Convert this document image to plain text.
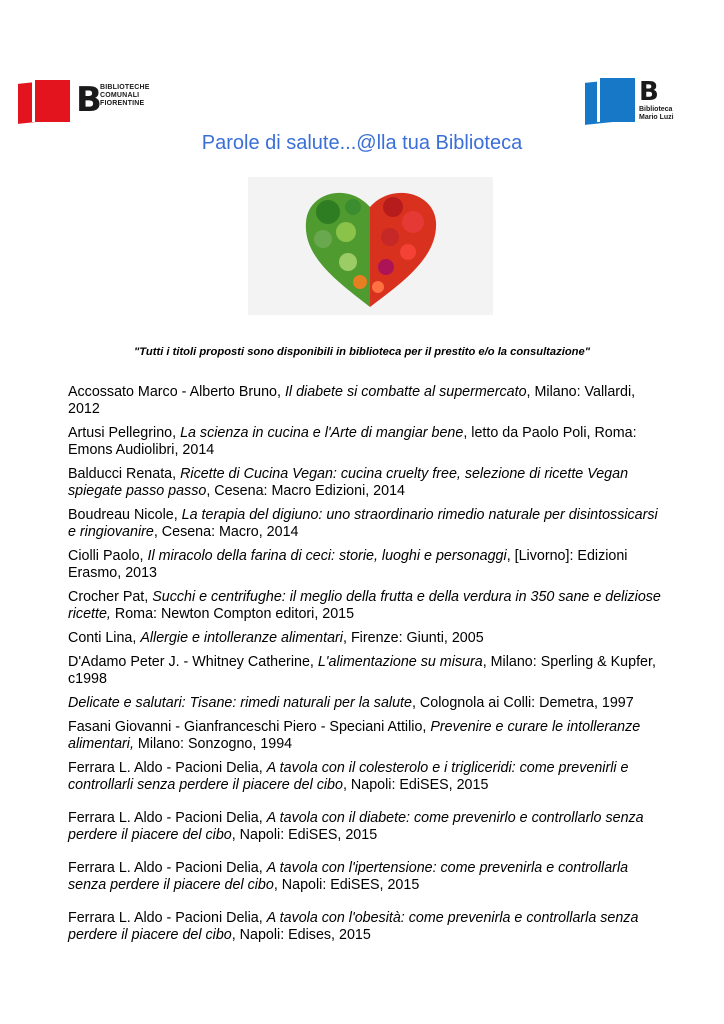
B
BIBLIOTECHE
COMUNALI
FIORENTINE	B
Biblioteca
Mario Luzi
Parole di salute...@lla tua Biblioteca
"Tutti i titoli proposti sono disponibili in biblioteca per il prestito e/o la consultazione"

Accossato Marco - Alberto Bruno, Il diabete si combatte al supermercato, Milano: Vallardi, 2012

Artusi Pellegrino, La scienza in cucina e l'Arte di mangiar bene, letto da Paolo Poli, Roma: Emons Audiolibri, 2014

Balducci Renata, Ricette di Cucina Vegan: cucina cruelty free, selezione di ricette Vegan spiegate passo passo, Cesena: Macro Edizioni, 2014

Boudreau Nicole, La terapia del digiuno: uno straordinario rimedio naturale per disintossicarsi e ringiovanire, Cesena: Macro, 2014

Ciolli Paolo, Il miracolo della farina di ceci: storie, luoghi e personaggi, [Livorno]: Edizioni Erasmo, 2013

Crocher Pat, Succhi e centrifughe: il meglio della frutta e della verdura in 350 sane e deliziose ricette, Roma: Newton Compton editori, 2015

Conti Lina, Allergie e intolleranze alimentari, Firenze: Giunti, 2005

D'Adamo Peter J. - Whitney Catherine, L'alimentazione su misura, Milano: Sperling & Kupfer, c1998

Delicate e salutari: Tisane: rimedi naturali per la salute, Colognola ai Colli: Demetra, 1997

Fasani Giovanni - Gianfranceschi Piero - Speciani Attilio, Prevenire e curare le intolleranze alimentari, Milano: Sonzogno, 1994

Ferrara L. Aldo - Pacioni Delia, A tavola con il colesterolo e i trigliceridi: come prevenirli e controllarli senza perdere il piacere del cibo, Napoli: EdiSES, 2015

Ferrara L. Aldo - Pacioni Delia, A tavola con il diabete: come prevenirlo e controllarlo senza perdere il piacere del cibo, Napoli: EdiSES, 2015

Ferrara L. Aldo - Pacioni Delia, A tavola con l'ipertensione: come prevenirla e controllarla senza perdere il piacere del cibo, Napoli: EdiSES, 2015

Ferrara L. Aldo - Pacioni Delia, A tavola con l'obesità: come prevenirla e controllarla senza perdere il piacere del cibo, Napoli: Edises, 2015
